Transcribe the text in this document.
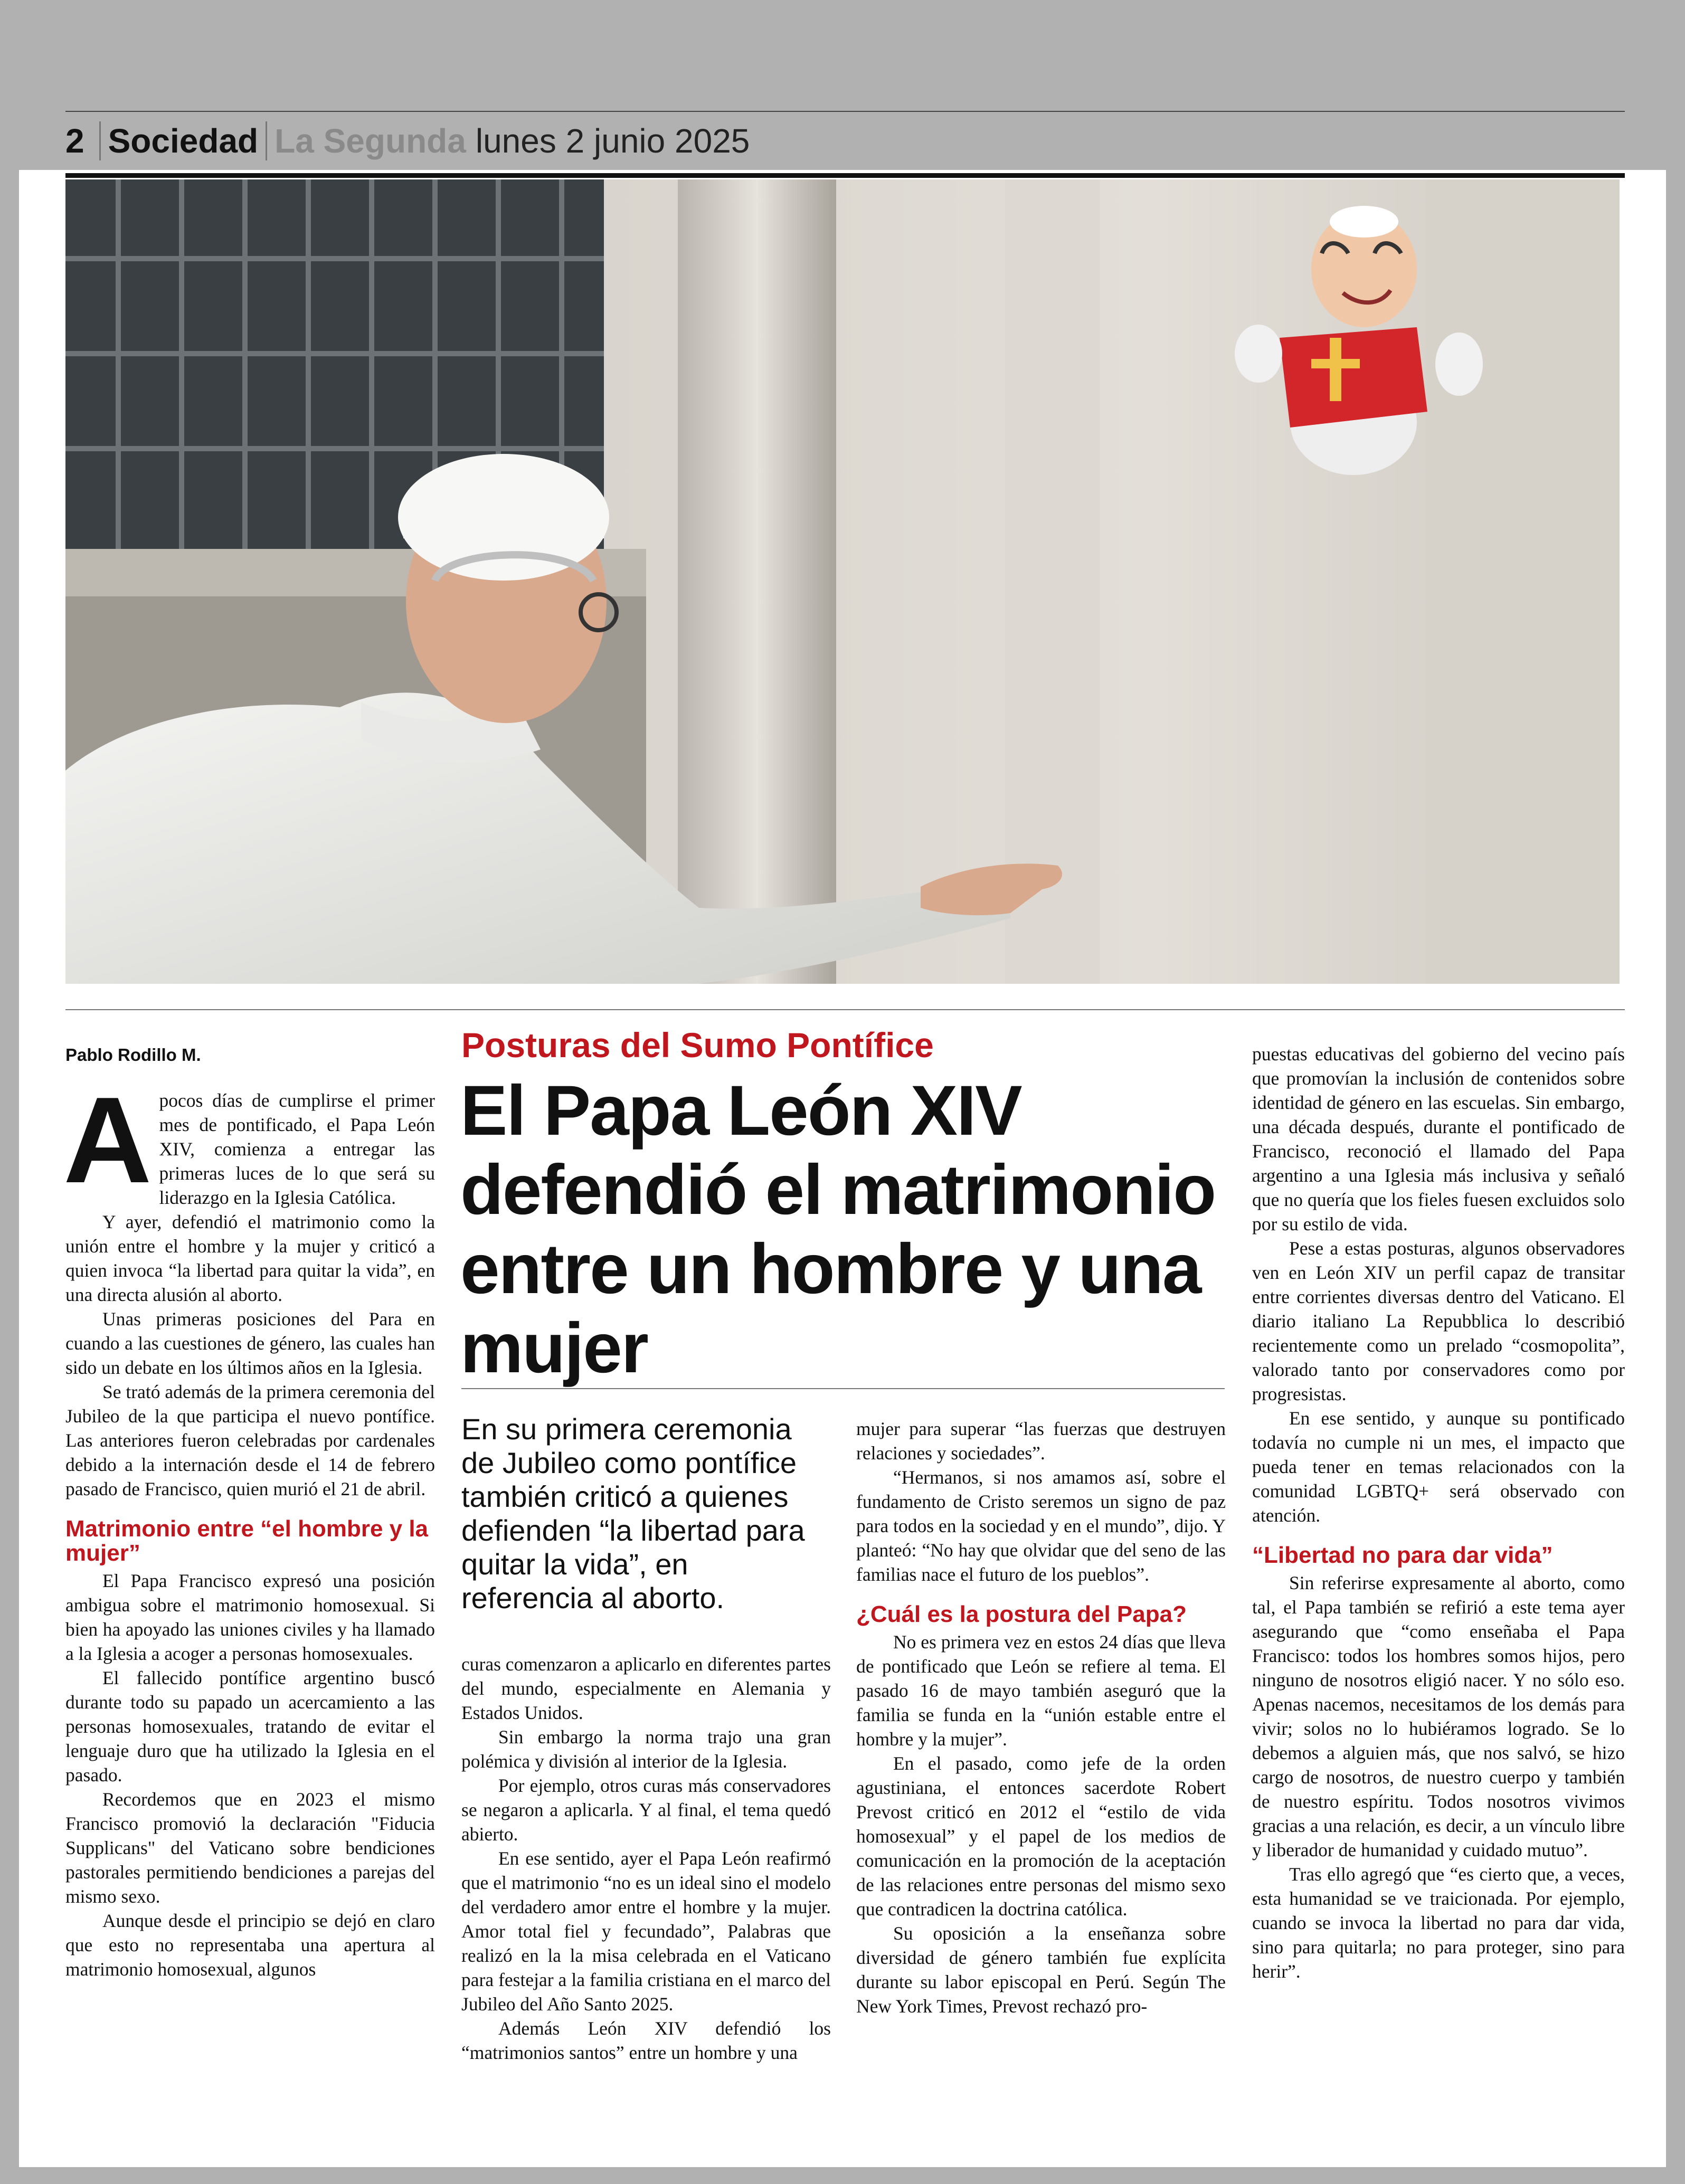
2 Sociedad La Segunda lunes 2 junio 2025
Pablo Rodillo M.

Apocos días de cumplirse el primer mes de pontificado, el Papa León XIV, comienza a entregar las primeras luces de lo que será su liderazgo en la Iglesia Católica.

Y ayer, defendió el matrimonio como la unión entre el hombre y la mujer y criticó a quien invoca “la libertad para quitar la vida”, en una directa alusión al aborto.

Unas primeras posiciones del Para en cuando a las cuestiones de género, las cuales han sido un debate en los últimos años en la Iglesia.

Se trató además de la primera ceremonia del Jubileo de la que participa el nuevo pontífice. Las anteriores fueron celebradas por cardenales debido a la internación desde el 14 de febrero pasado de Francisco, quien murió el 21 de abril.

Matrimonio entre “el hombre y la mujer”

El Papa Francisco expresó una posición ambigua sobre el matrimonio homosexual. Si bien ha apoyado las uniones civiles y ha llamado a la Iglesia a acoger a personas homosexuales.

El fallecido pontífice argentino buscó durante todo su papado un acercamiento a las personas homosexuales, tratando de evitar el lenguaje duro que ha utilizado la Iglesia en el pasado.

Recordemos que en 2023 el mismo Francisco promovió la declaración "Fiducia Supplicans" del Vaticano sobre bendiciones pastorales permitiendo bendiciones a parejas del mismo sexo.

Aunque desde el principio se dejó en claro que esto no representaba una apertura al matrimonio homosexual, algunos

Posturas del Sumo Pontífice
El Papa León XIV defendió el matrimonio entre un hombre y una mujer
En su primera ceremonia de Jubileo como pontífice también criticó a quienes defienden “la libertad para quitar la vida”, en referencia al aborto.

curas comenzaron a aplicarlo en diferentes partes del mundo, especialmente en Alemania y Estados Unidos.

Sin embargo la norma trajo una gran polémica y división al interior de la Iglesia.

Por ejemplo, otros curas más conservadores se negaron a aplicarla. Y al final, el tema quedó abierto.

En ese sentido, ayer el Papa León reafirmó que el matrimonio “no es un ideal sino el modelo del verdadero amor entre el hombre y la mujer. Amor total fiel y fecundado”, Palabras que realizó en la la misa celebrada en el Vaticano para festejar a la familia cristiana en el marco del Jubileo del Año Santo 2025.

Además León XIV defendió los “matrimonios santos” entre un hombre y una

mujer para superar “las fuerzas que destruyen relaciones y sociedades”.

“Hermanos, si nos amamos así, sobre el fundamento de Cristo seremos un signo de paz para todos en la sociedad y en el mundo”, dijo. Y planteó: “No hay que olvidar que del seno de las familias nace el futuro de los pueblos”.

¿Cuál es la postura del Papa?

No es primera vez en estos 24 días que lleva de pontificado que León se refiere al tema. El pasado 16 de mayo también aseguró que la familia se funda en la “unión estable entre el hombre y la mujer”.

En el pasado, como jefe de la orden agustiniana, el entonces sacerdote Robert Prevost criticó en 2012 el “estilo de vida homosexual” y el papel de los medios de comunicación en la promoción de la aceptación de las relaciones entre personas del mismo sexo que contradicen la doctrina católica.

Su oposición a la enseñanza sobre diversidad de género también fue explícita durante su labor episcopal en Perú. Según The New York Times, Prevost rechazó pro-

puestas educativas del gobierno del vecino país que promovían la inclusión de contenidos sobre identidad de género en las escuelas. Sin embargo, una década después, durante el pontificado de Francisco, reconoció el llamado del Papa argentino a una Iglesia más inclusiva y señaló que no quería que los fieles fuesen excluidos solo por su estilo de vida.

Pese a estas posturas, algunos observadores ven en León XIV un perfil capaz de transitar entre corrientes diversas dentro del Vaticano. El diario italiano La Repubblica lo describió recientemente como un prelado “cosmopolita”, valorado tanto por conservadores como por progresistas.

En ese sentido, y aunque su pontificado todavía no cumple ni un mes, el impacto que pueda tener en temas relacionados con la comunidad LGBTQ+ será observado con atención.

“Libertad no para dar vida”

Sin referirse expresamente al aborto, como tal, el Papa también se refirió a este tema ayer asegurando que “como enseñaba el Papa Francisco: todos los hombres somos hijos, pero ninguno de nosotros eligió nacer. Y no sólo eso. Apenas nacemos, necesitamos de los demás para vivir; solos no lo hubiéramos logrado. Se lo debemos a alguien más, que nos salvó, se hizo cargo de nosotros, de nuestro cuerpo y también de nuestro espíritu. Todos nosotros vivimos gracias a una relación, es decir, a un vínculo libre y liberador de humanidad y cuidado mutuo”.

Tras ello agregó que “es cierto que, a veces, esta humanidad se ve traicionada. Por ejemplo, cuando se invoca la libertad no para dar vida, sino para quitarla; no para proteger, sino para herir”.
